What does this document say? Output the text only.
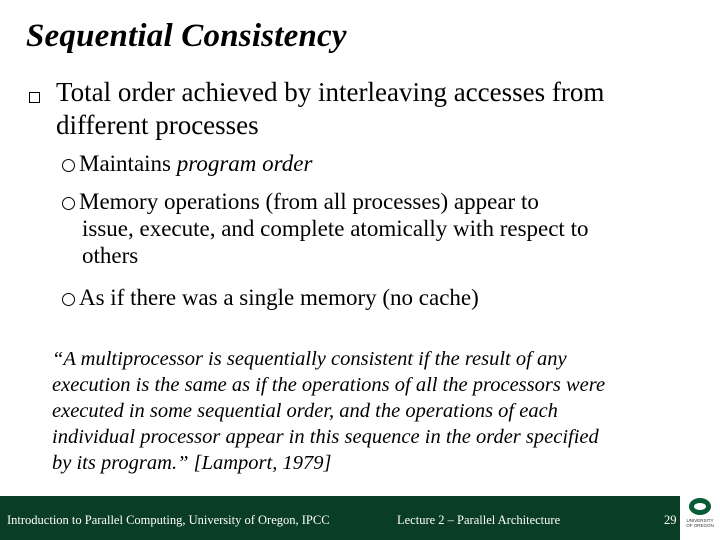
Sequential Consistency
Total order achieved by interleaving accesses from
different processes
Maintains program order
Memory operations (from all processes) appear to
issue, execute, and complete atomically with respect to
others
As if there was a single memory (no cache)
“A multiprocessor is sequentially consistent if the result of any
execution is the same as if the operations of all the processors were
executed in some sequential order, and the operations of each
individual processor appear in this sequence in the order specified
by its program.” [Lamport, 1979]
Introduction to Parallel Computing, University of Oregon, IPCC	Lecture 2 – Parallel Architecture	29	UNIVERSITY
OF OREGON
